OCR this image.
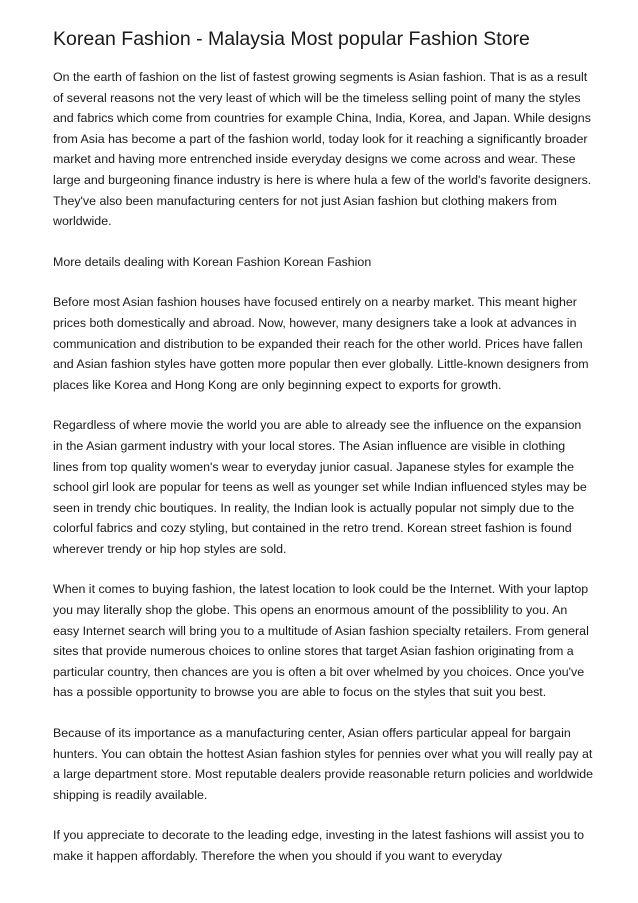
Korean Fashion - Malaysia Most popular Fashion Store

On the earth of fashion on the list of fastest growing segments is Asian fashion. That is as a result of several reasons not the very least of which will be the timeless selling point of many the styles and fabrics which come from countries for example China, India, Korea, and Japan. While designs from Asia has become a part of the fashion world, today look for it reaching a significantly broader market and having more entrenched inside everyday designs we come across and wear. These large and burgeoning finance industry is here is where hula a few of the world's favorite designers. They've also been manufacturing centers for not just Asian fashion but clothing makers from worldwide.

More details dealing with Korean Fashion Korean Fashion

Before most Asian fashion houses have focused entirely on a nearby market. This meant higher prices both domestically and abroad. Now, however, many designers take a look at advances in communication and distribution to be expanded their reach for the other world. Prices have fallen and Asian fashion styles have gotten more popular then ever globally. Little-known designers from places like Korea and Hong Kong are only beginning expect to exports for growth.

Regardless of where movie the world you are able to already see the influence on the expansion in the Asian garment industry with your local stores. The Asian influence are visible in clothing lines from top quality women's wear to everyday junior casual. Japanese styles for example the school girl look are popular for teens as well as younger set while Indian influenced styles may be seen in trendy chic boutiques. In reality, the Indian look is actually popular not simply due to the colorful fabrics and cozy styling, but contained in the retro trend. Korean street fashion is found wherever trendy or hip hop styles are sold.

When it comes to buying fashion, the latest location to look could be the Internet. With your laptop you may literally shop the globe. This opens an enormous amount of the possiblility to you. An easy Internet search will bring you to a multitude of Asian fashion specialty retailers. From general sites that provide numerous choices to online stores that target Asian fashion originating from a particular country, then chances are you is often a bit over whelmed by you choices. Once you've has a possible opportunity to browse you are able to focus on the styles that suit you best.

Because of its importance as a manufacturing center, Asian offers particular appeal for bargain hunters. You can obtain the hottest Asian fashion styles for pennies over what you will really pay at a large department store. Most reputable dealers provide reasonable return policies and worldwide shipping is readily available.

If you appreciate to decorate to the leading edge, investing in the latest fashions will assist you to make it happen affordably. Therefore the when you should if you want to everyday
